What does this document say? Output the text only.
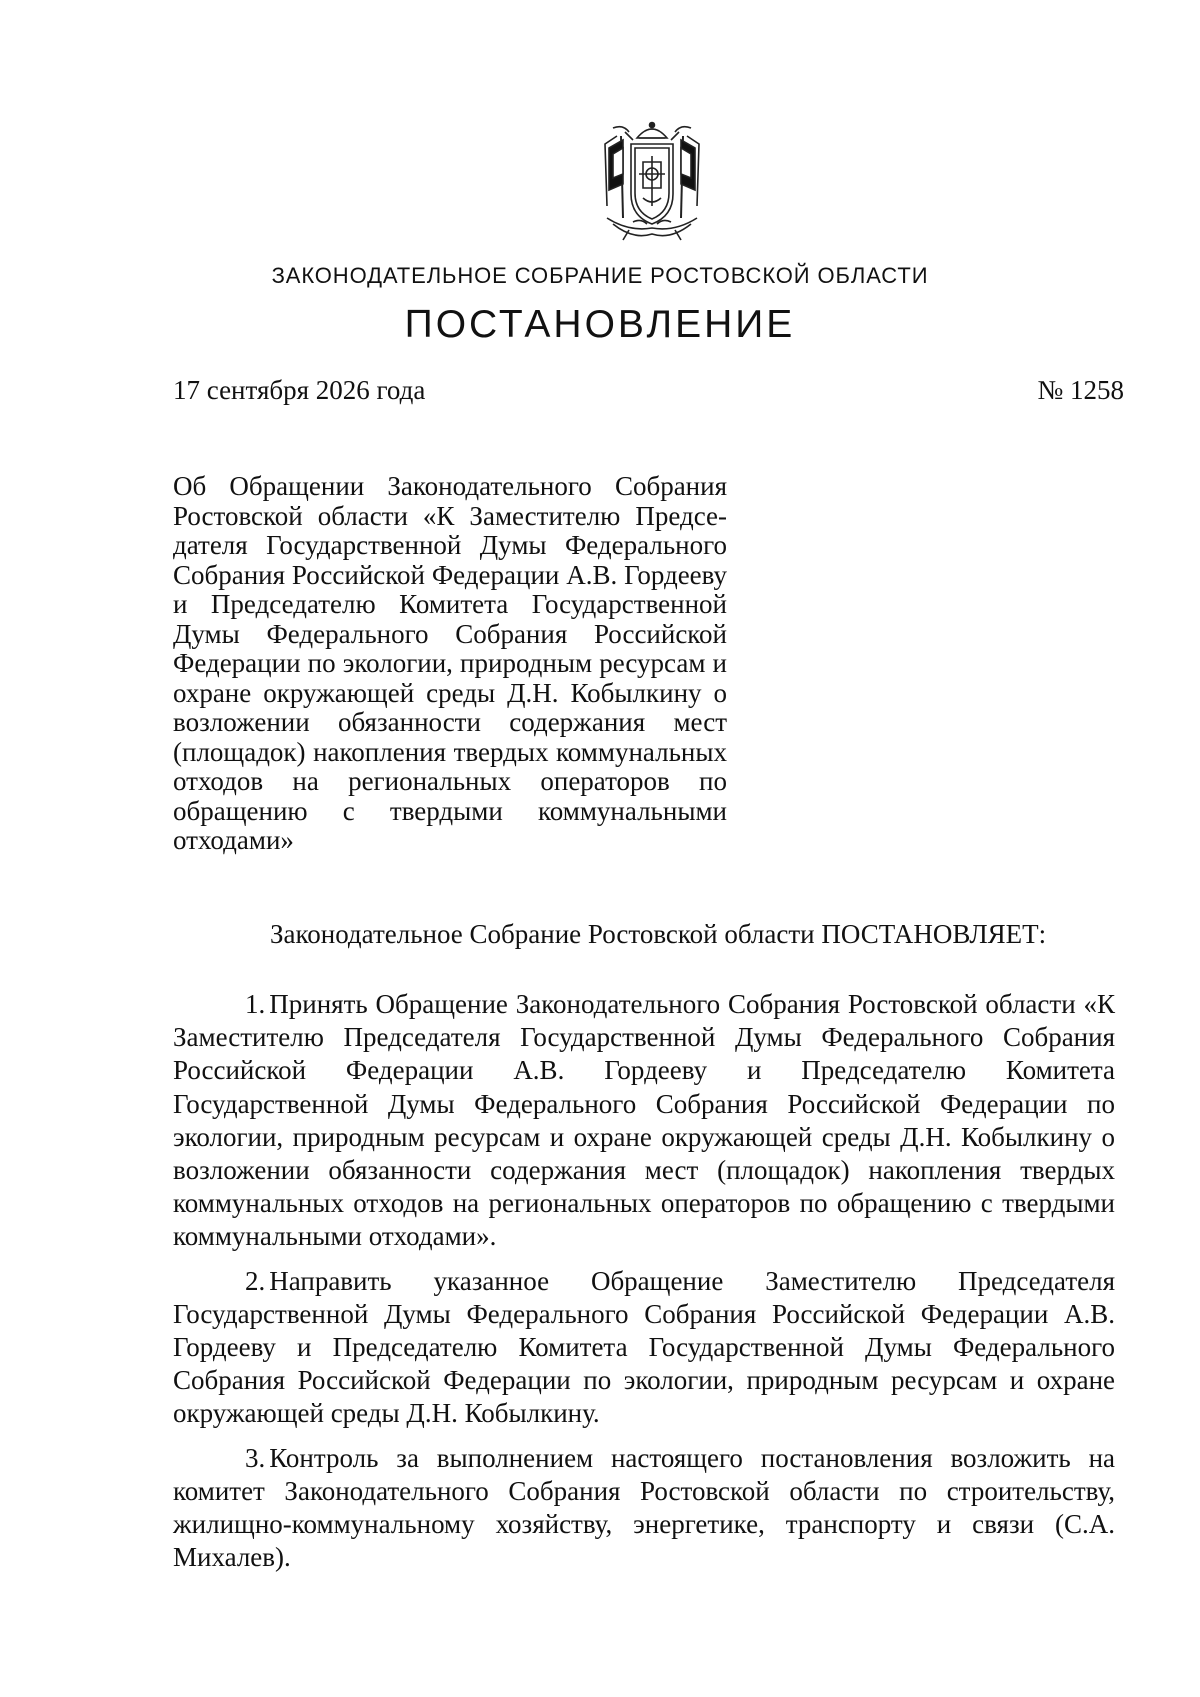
ЗАКОНОДАТЕЛЬНОЕ СОБРАНИЕ РОСТОВСКОЙ ОБЛАСТИ
ПОСТАНОВЛЕНИЕ
17 сентября 2026 года	№ 1258
Об Обращении Законодательного Собрания Ростовской области «К Заместителю Председателя Государственной Думы Федерального Собрания Российской Федерации А.В. Гордееву и Председателю Комитета Государственной Думы Федерального Собрания Российской Федерации по экологии, природным ресурсам и охране окружающей среды Д.Н. Кобылкину о возложении обязанности содержания мест (площадок) накопления твердых коммунальных отходов на региональных операторов по обращению с твердыми коммунальными отходами»
Законодательное Собрание Ростовской области ПОСТАНОВЛЯЕТ:

1. Принять Обращение Законодательного Собрания Ростовской области «К Заместителю Председателя Государственной Думы Федерального Собрания Российской Федерации А.В. Гордееву и Председателю Комитета Государственной Думы Федерального Собрания Российской Федерации по экологии, природным ресурсам и охране окружающей среды Д.Н. Кобылкину о возложении обязанности содержания мест (площадок) накопления твердых коммунальных отходов на региональных операторов по обращению с твердыми коммунальными отходами».

2. Направить указанное Обращение Заместителю Председателя Государственной Думы Федерального Собрания Российской Федерации А.В. Гордееву и Председателю Комитета Государственной Думы Федерального Собрания Российской Федерации по экологии, природным ресурсам и охране окружающей среды Д.Н. Кобылкину.

3. Контроль за выполнением настоящего постановления возложить на комитет Законодательного Собрания Ростовской области по строительству, жилищно-коммунальному хозяйству, энергетике, транспорту и связи (С.А. Михалев).
